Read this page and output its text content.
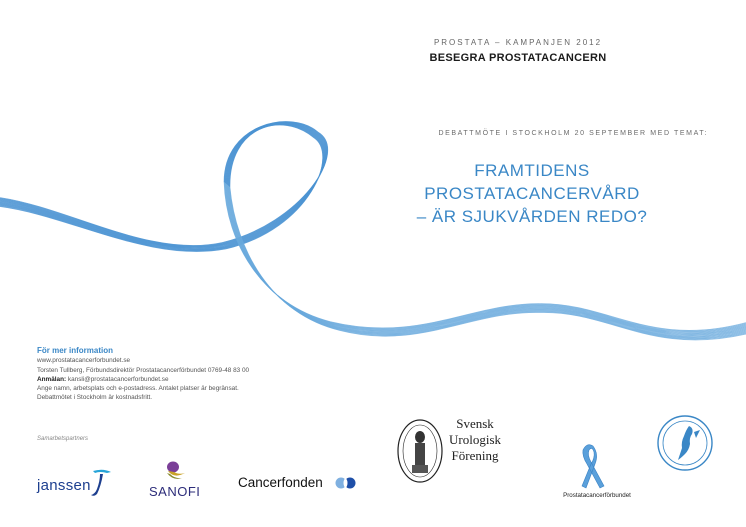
PROSTATA – KAMPANJEN 2012
BESEGRA PROSTATACANCERN
DEBATTMÖTE I STOCKHOLM 20 SEPTEMBER MED TEMAT:
FRAMTIDENS
PROSTATACANCERVÅRD
– ÄR SJUKVÅRDEN REDO?
För mer information
www.prostatacancerforbundet.se
Torsten Tullberg, Förbundsdirektör Prostatacancerförbundet 0769-48 83 00
Anmälan: kansli@prostatacancerforbundet.se
Ange namn, arbetsplats och e-postadress. Antalet platser är begränsat.
Debattmötet i Stockholm är kostnadsfritt.
Samarbetspartners
janssen	SANOFI
Cancerfonden
Svensk
Urologisk
Förening
Prostatacancerförbundet
